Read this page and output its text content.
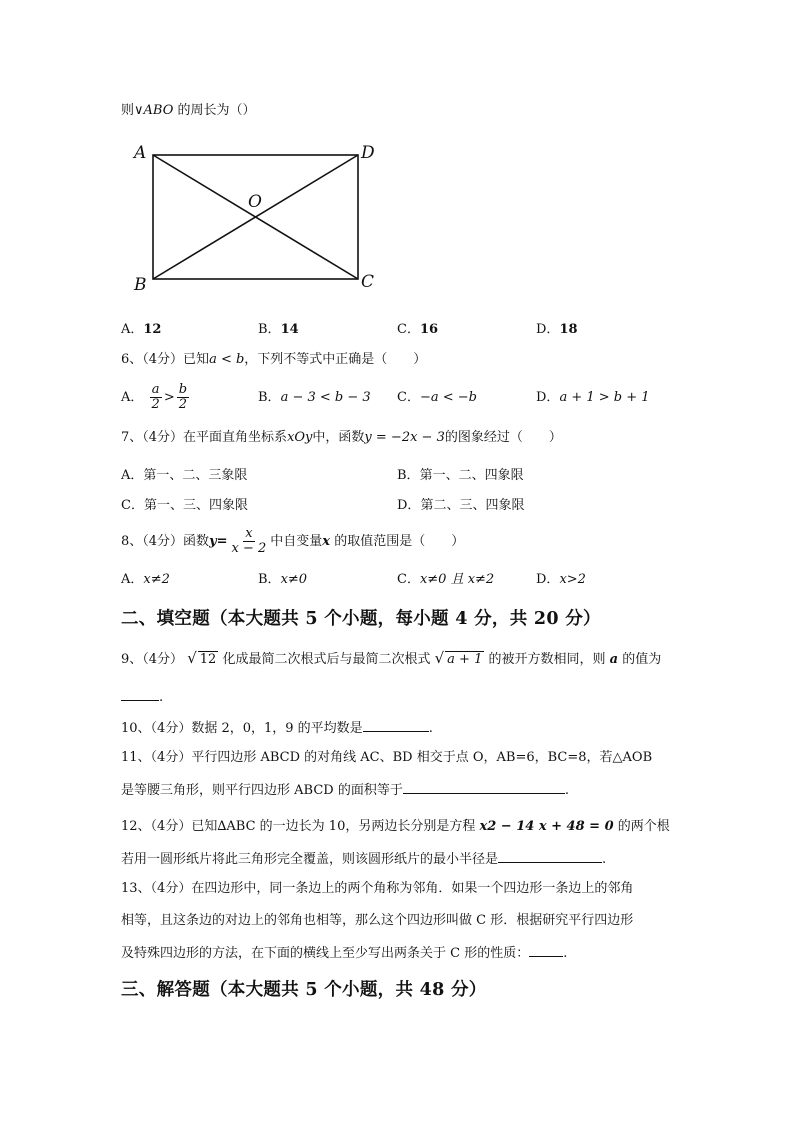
则∨ABO 的周长为（）
A	D
O
B	C
A．12	B．14	C．16	D．18
6、（4分）已知a < b，下列不等式中正确是（　　）
A． $\frac{a}{2} > \frac{b}{2}$	B．a − 3 < b − 3 C．−a < −b	D．a + 1 > b + 1
7、（4分）在平面直角坐标系xOy中，函数y = −2x − 3的图象经过（　　）
A．第一、二、三象限	B．第一、二、四象限
C．第一、三、四象限	D．第二、三、四象限
8、（4分）函数$y= \frac{x}{x - 2}$ 中自变量x 的取值范围是（　　）
A．x≠2	B．x≠0	C．x≠0 且 x≠2	D．x>2
二、填空题（本大题共 5 个小题，每小题 4 分，共 20 分）
9、（4分） √ 12 化成最简二次根式后与最简二次根式 √ a + 1 的被开方数相同，则 a 的值为
.
10、（4分）数据 2，0，1，9 的平均数是	.
11、（4分）平行四边形 ABCD 的对角线 AC、BD 相交于点 O，AB=6，BC=8，若△AOB
是等腰三角形，则平行四边形 ABCD 的面积等于	.
12、（4分）已知∆ABC 的一边长为 10，另两边长分别是方程 x2 − 14 x + 48 = 0 的两个根
若用一圆形纸片将此三角形完全覆盖，则该圆形纸片的最小半径是	.
13、（4分）在四边形中，同一条边上的两个角称为邻角．如果一个四边形一条边上的邻角
相等，且这条边的对边上的邻角也相等，那么这个四边形叫做 C 形．根据研究平行四边形
及特殊四边形的方法，在下面的横线上至少写出两条关于 C 形的性质：	.
三、解答题（本大题共 5 个小题，共 48 分）
